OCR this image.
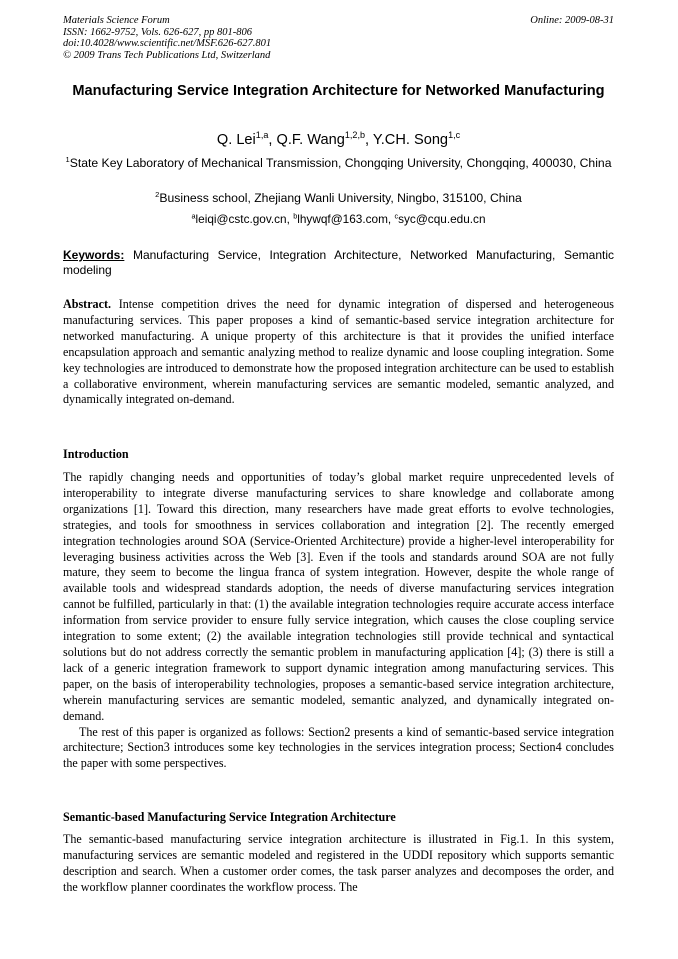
Materials Science Forum
ISSN: 1662-9752, Vols. 626-627, pp 801-806
doi:10.4028/www.scientific.net/MSF.626-627.801
© 2009 Trans Tech Publications Ltd, Switzerland
Online: 2009-08-31
Manufacturing Service Integration Architecture for Networked Manufacturing
Q. Lei$^{1,a}$, Q.F. Wang$^{1,2,b}$, Y.CH. Song$^{1,c}$
$^1$State Key Laboratory of Mechanical Transmission, Chongqing University, Chongqing, 400030, China
$^2$Business school, Zhejiang Wanli University, Ningbo, 315100, China
$^a$leiqi@cstc.gov.cn, $^b$lhywqf@163.com, $^c$syc@cqu.edu.cn
Keywords: Manufacturing Service, Integration Architecture, Networked Manufacturing, Semantic modeling

Abstract. Intense competition drives the need for dynamic integration of dispersed and heterogeneous manufacturing services. This paper proposes a kind of semantic-based service integration architecture for networked manufacturing. A unique property of this architecture is that it provides the unified interface encapsulation approach and semantic analyzing method to realize dynamic and loose coupling integration. Some key technologies are introduced to demonstrate how the proposed integration architecture can be used to establish a collaborative environment, wherein manufacturing services are semantic modeled, semantic analyzed, and dynamically integrated on-demand.

Introduction

The rapidly changing needs and opportunities of today’s global market require unprecedented levels of interoperability to integrate diverse manufacturing services to share knowledge and collaborate among organizations [1]. Toward this direction, many researchers have made great efforts to evolve technologies, strategies, and tools for smoothness in services collaboration and integration [2]. The recently emerged integration technologies around SOA (Service-Oriented Architecture) provide a higher-level interoperability for leveraging business activities across the Web [3]. Even if the tools and standards around SOA are not fully mature, they seem to become the lingua franca of system integration. However, despite the whole range of available tools and widespread standards adoption, the needs of diverse manufacturing services integration cannot be fulfilled, particularly in that: (1) the available integration technologies require accurate access interface information from service provider to ensure fully service integration, which causes the close coupling service integration to some extent; (2) the available integration technologies still provide technical and syntactical solutions but do not address correctly the semantic problem in manufacturing application [4]; (3) there is still a lack of a generic integration framework to support dynamic integration among manufacturing services. This paper, on the basis of interoperability technologies, proposes a semantic-based service integration architecture, wherein manufacturing services are semantic modeled, semantic analyzed, and dynamically integrated on-demand.
The rest of this paper is organized as follows: Section2 presents a kind of semantic-based service integration architecture; Section3 introduces some key technologies in the services integration process; Section4 concludes the paper with some perspectives.

Semantic-based Manufacturing Service Integration Architecture

The semantic-based manufacturing service integration architecture is illustrated in Fig.1. In this system, manufacturing services are semantic modeled and registered in the UDDI repository which supports semantic description and search. When a customer order comes, the task parser analyzes and decomposes the order, and the workflow planner coordinates the workflow process. The
